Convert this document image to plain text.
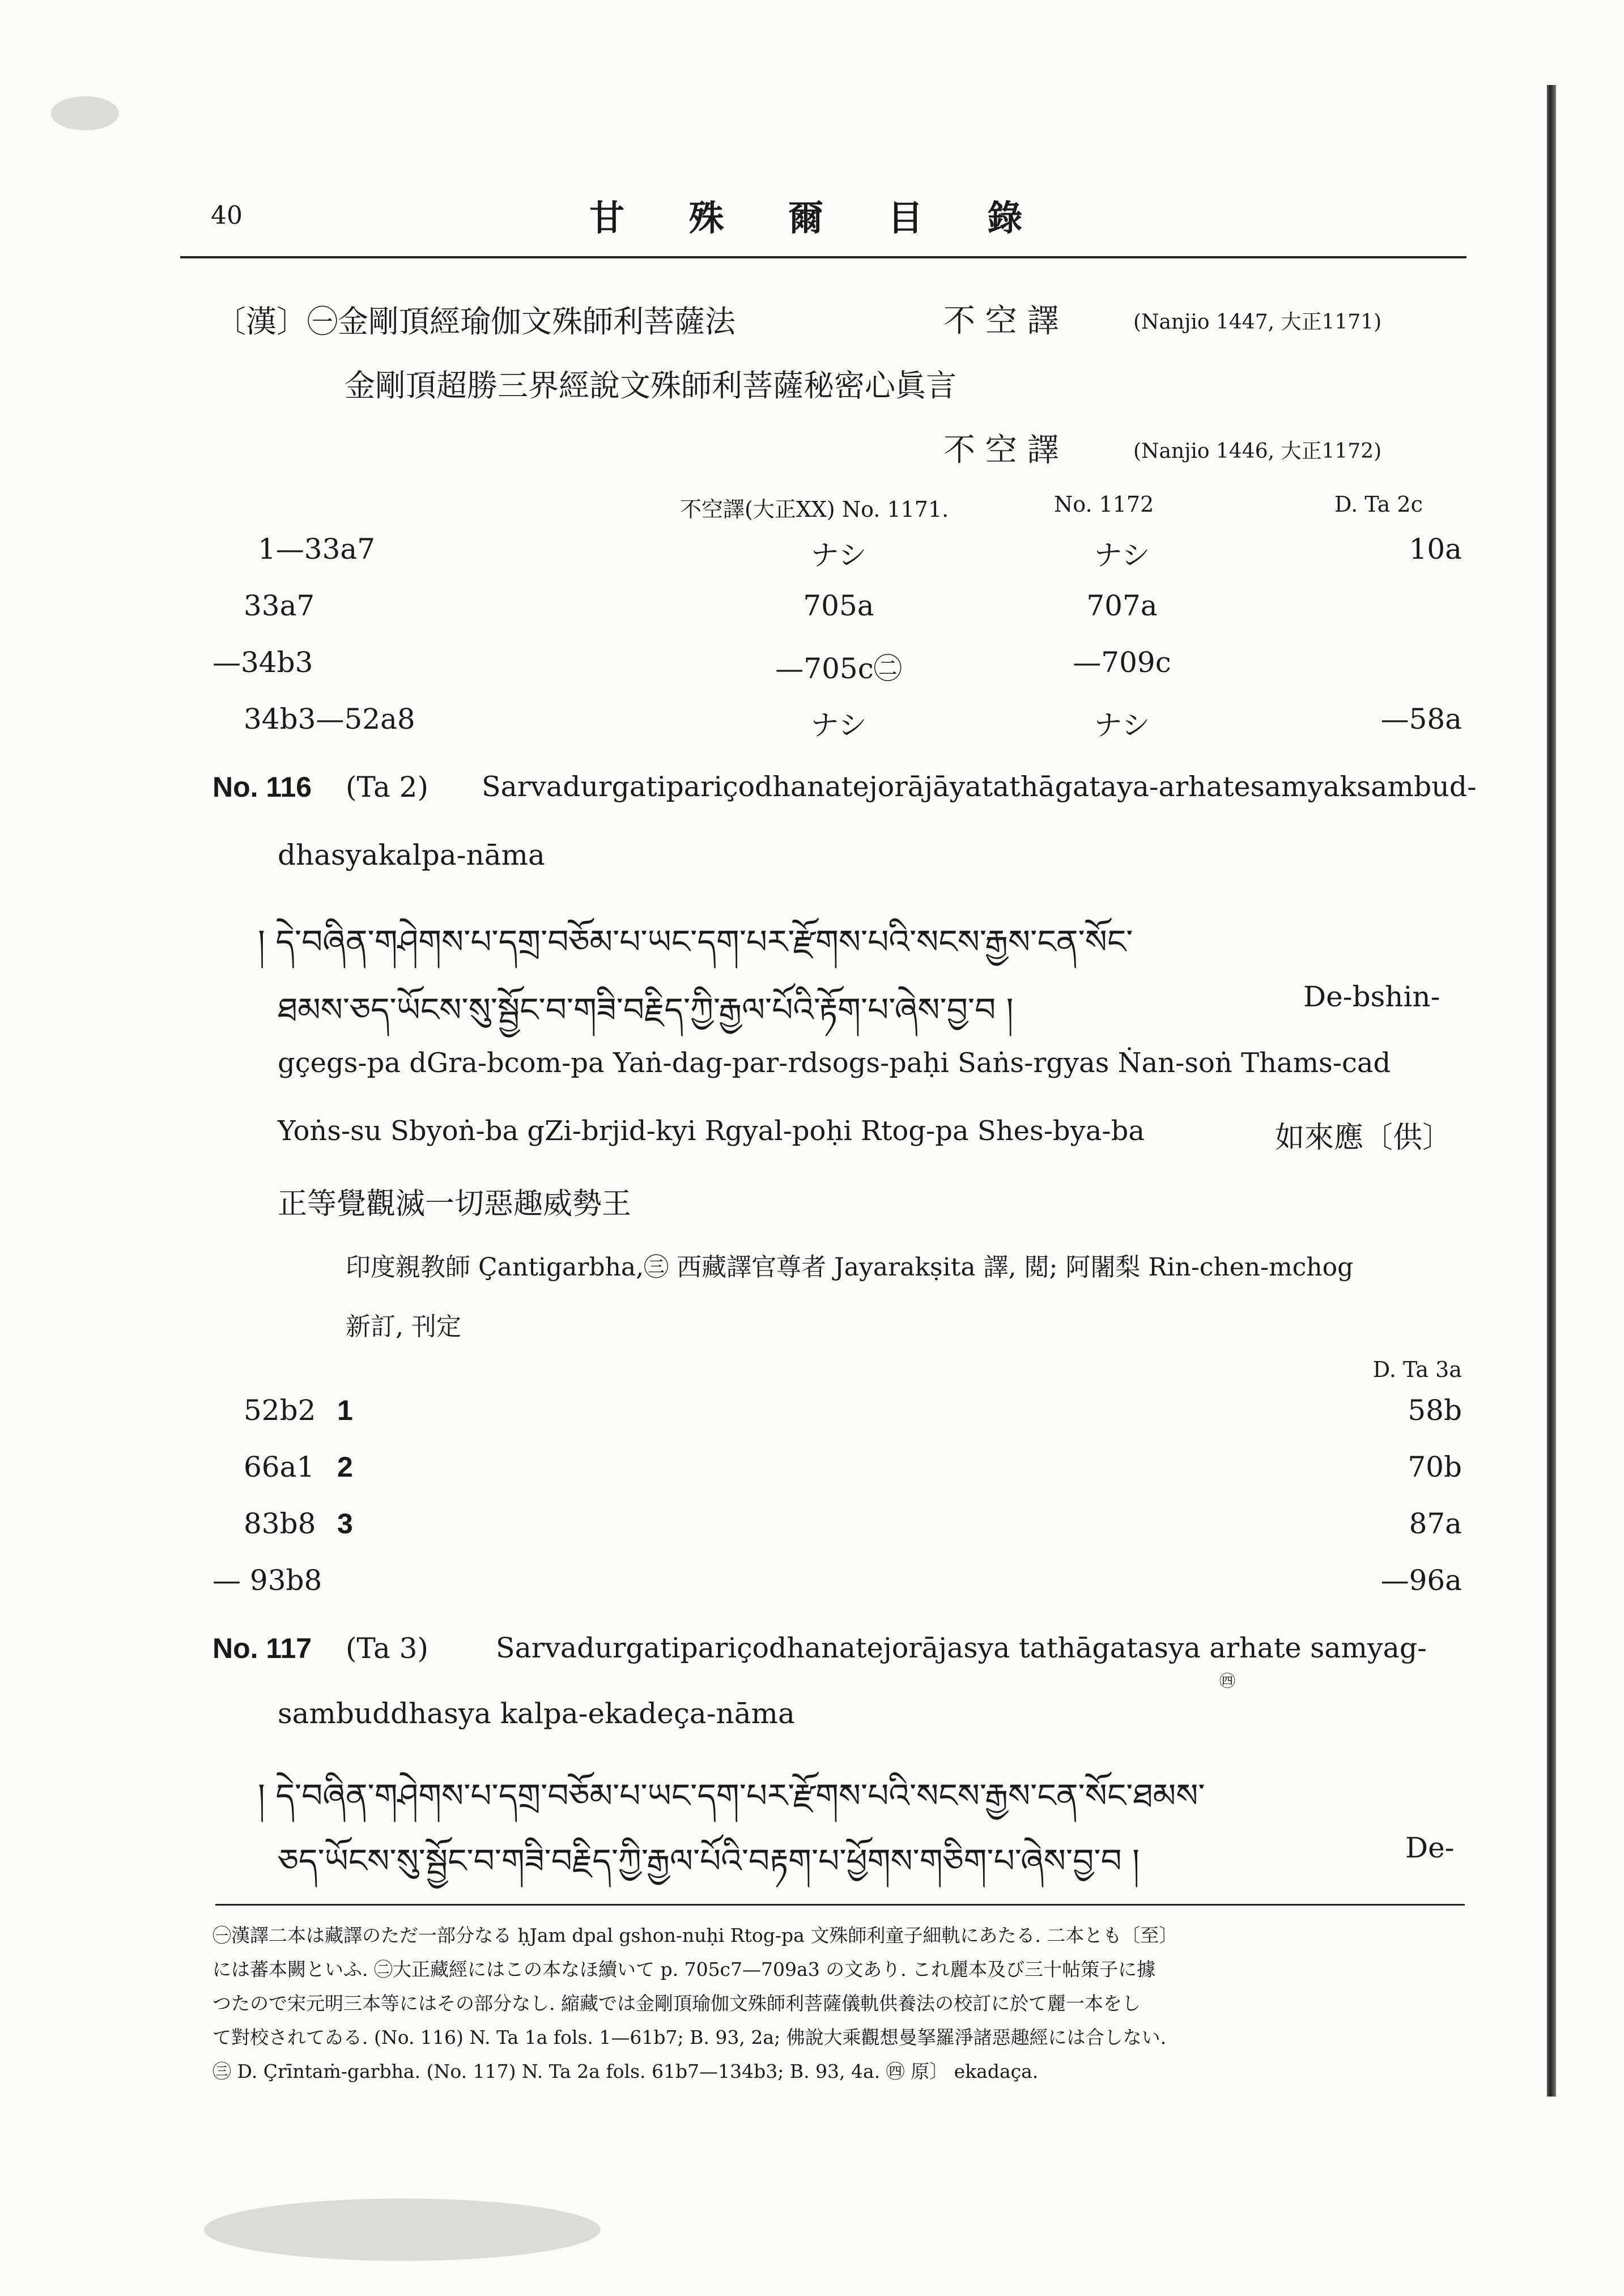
40	甘 殊 爾 目 錄
〔漢〕㊀金剛頂經瑜伽文殊師利菩薩法	不 空 譯	(Nanjio 1447, 大正1171)
金剛頂超勝三界經說文殊師利菩薩秘密心眞言
不 空 譯	(Nanjio 1446, 大正1172)
不空譯(大正XX) No. 1171.	No. 1172	D. Ta 2c
1—33a7	ナシ	ナシ	10a
33a7	705a	707a
—34b3	—705c㊁	—709c
34b3—52a8	ナシ	ナシ	—58a
No. 116 (Ta 2) Sarvadurgatipariçodhanatejorājāyatathāgataya-arhatesamyaksambud-
dhasyakalpa-nāma
། དེ་བཞིན་གཤེགས་པ་དགྲ་བཅོམ་པ་ཡང་དག་པར་རྫོགས་པའི་སངས་རྒྱས་ངན་སོང་
ཐམས་ཅད་ཡོངས་སུ་སྦྱོང་བ་གཟི་བརྗིད་ཀྱི་རྒྱལ་པོའི་རྟོག་པ་ཞེས་བྱ་བ །	De-bshin-
gçegs-pa dGra-bcom-pa Yaṅ-dag-par-rdsogs-paḥi Saṅs-rgyas Ṅan-soṅ Thams-cad
Yoṅs-su Sbyoṅ-ba gZi-brjid-kyi Rgyal-poḥi Rtog-pa Shes-bya-ba	如來應〔供〕
正等覺觀滅一切惡趣威勢王
印度親教師 Çantigarbha,㊂ 西藏譯官尊者 Jayarakṣita 譯, 閲; 阿闍梨 Rin-chen-mchog
新訂, 刊定
D. Ta 3a
52b2 1	58b
66a1 2	70b
83b8 3	87a
— 93b8	—96a
No. 117 (Ta 3) Sarvadurgatipariçodhanatejorājasya tathāgatasya arhate samyag-
㊃
sambuddhasya kalpa-ekadeça-nāma
། དེ་བཞིན་གཤེགས་པ་དགྲ་བཅོམ་པ་ཡང་དག་པར་རྫོགས་པའི་སངས་རྒྱས་ངན་སོང་ཐམས་
ཅད་ཡོངས་སུ་སྦྱོང་བ་གཟི་བརྗིད་ཀྱི་རྒྱལ་པོའི་བརྟག་པ་ཕྱོགས་གཅིག་པ་ཞེས་བྱ་བ །	De-
㊀漢譯二本は藏譯のただ一部分なる ḥJam dpal gshon-nuḥi Rtog-pa 文殊師利童子細軌にあたる. 二本とも〔至〕
には蕃本闕といふ. ㊁大正藏經にはこの本なほ續いて p. 705c7—709a3 の文あり. これ麗本及び三十帖策子に據
つたので宋元明三本等にはその部分なし. 縮藏では金剛頂瑜伽文殊師利菩薩儀軌供養法の校訂に於て麗一本をし
て對校されてゐる. (No. 116) N. Ta 1a fols. 1—61b7; B. 93, 2a; 佛說大乘觀想曼拏羅淨諸惡趣經には合しない.
㊂ D. Çrīntaṁ-garbha. (No. 117) N. Ta 2a fols. 61b7—134b3; B. 93, 4a. ㊃ 原〕 ekadaça.
